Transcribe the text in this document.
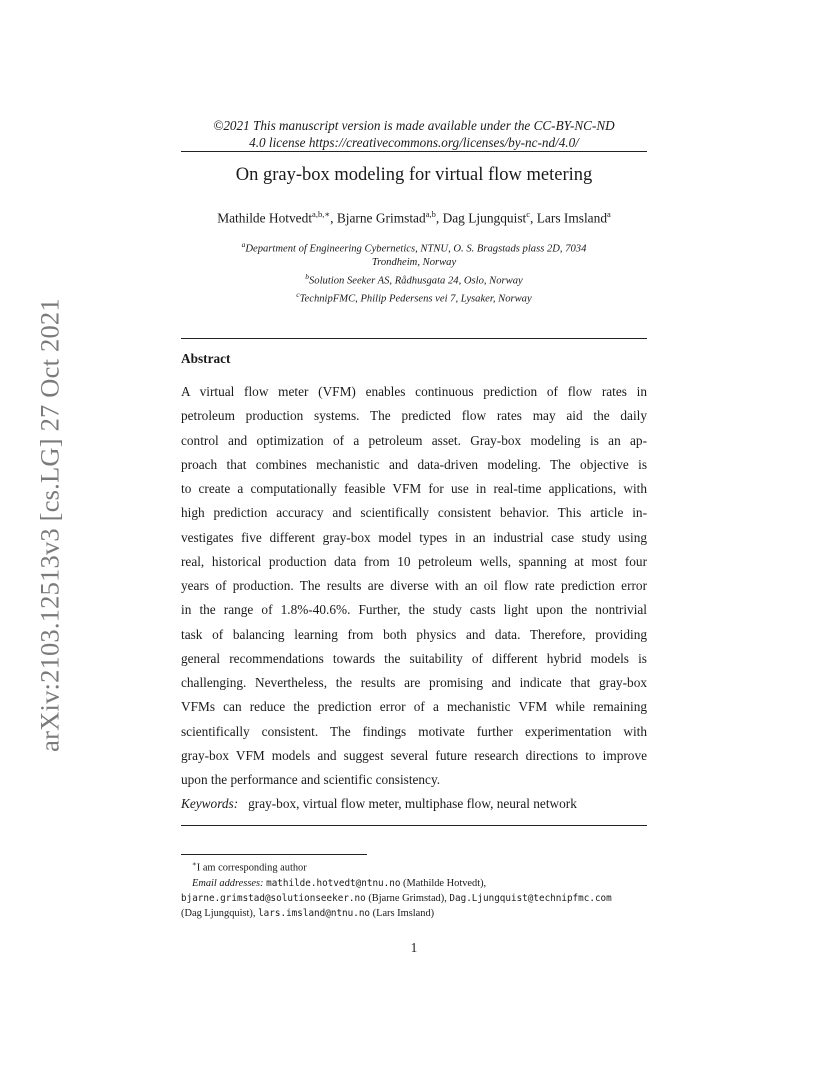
arXiv:2103.12513v3 [cs.LG] 27 Oct 2021
©2021 This manuscript version is made available under the CC-BY-NC-ND
4.0 license https://creativecommons.org/licenses/by-nc-nd/4.0/
On gray-box modeling for virtual flow metering
Mathilde Hotvedt$^{a,b,∗}$, Bjarne Grimstad$^{a,b}$, Dag Ljungquist$^c$, Lars Imsland$^a$
$^a$Department of Engineering Cybernetics, NTNU, O. S. Bragstads plass 2D, 7034
Trondheim, Norway
$^b$Solution Seeker AS, Rådhusgata 24, Oslo, Norway
$^c$TechnipFMC, Philip Pedersens vei 7, Lysaker, Norway
Abstract
A virtual flow meter (VFM) enables continuous prediction of flow rates in
petroleum production systems. The predicted flow rates may aid the daily
control and optimization of a petroleum asset. Gray-box modeling is an ap-
proach that combines mechanistic and data-driven modeling. The objective is
to create a computationally feasible VFM for use in real-time applications, with
high prediction accuracy and scientifically consistent behavior. This article in-
vestigates five different gray-box model types in an industrial case study using
real, historical production data from 10 petroleum wells, spanning at most four
years of production. The results are diverse with an oil flow rate prediction error
in the range of 1.8%-40.6%. Further, the study casts light upon the nontrivial
task of balancing learning from both physics and data. Therefore, providing
general recommendations towards the suitability of different hybrid models is
challenging. Nevertheless, the results are promising and indicate that gray-box
VFMs can reduce the prediction error of a mechanistic VFM while remaining
scientifically consistent. The findings motivate further experimentation with
gray-box VFM models and suggest several future research directions to improve
upon the performance and scientific consistency.
Keywords: gray-box, virtual flow meter, multiphase flow, neural network
∗I am corresponding author
Email addresses: mathilde.hotvedt@ntnu.no (Mathilde Hotvedt),
bjarne.grimstad@solutionseeker.no (Bjarne Grimstad), Dag.Ljungquist@technipfmc.com
(Dag Ljungquist), lars.imsland@ntnu.no (Lars Imsland)
1
